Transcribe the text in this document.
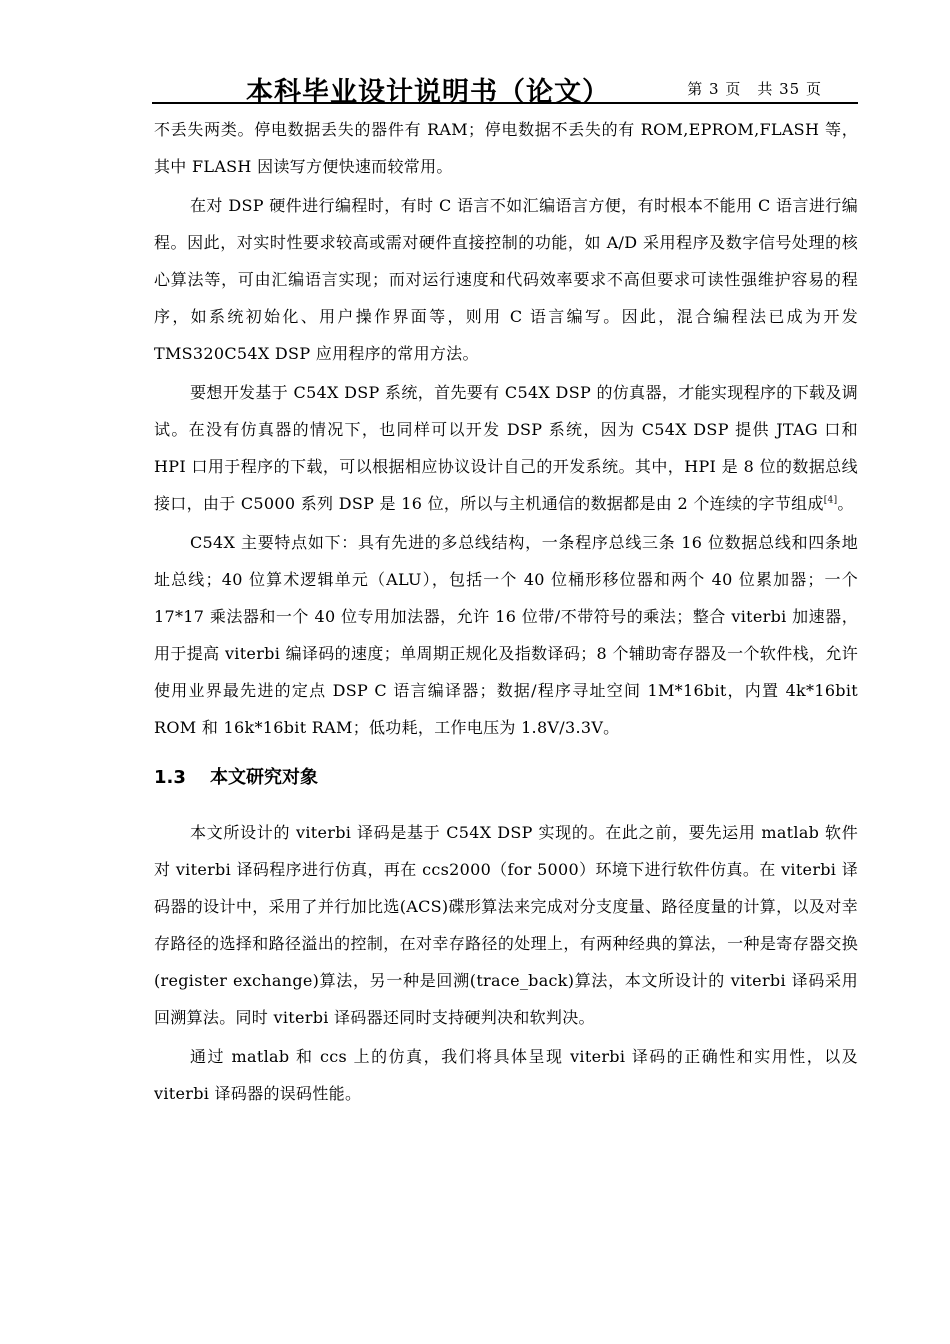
本科毕业设计说明书（论文）	第 3 页　共 35 页

不丢失两类。停电数据丢失的器件有 RAM；停电数据不丢失的有 ROM,EPROM,FLASH 等，其中 FLASH 因读写方便快速而较常用。

在对 DSP 硬件进行编程时，有时 C 语言不如汇编语言方便，有时根本不能用 C 语言进行编程。因此，对实时性要求较高或需对硬件直接控制的功能，如 A/D 采用程序及数字信号处理的核心算法等，可由汇编语言实现；而对运行速度和代码效率要求不高但要求可读性强维护容易的程序，如系统初始化、用户操作界面等，则用 C 语言编写。因此，混合编程法已成为开发 TMS320C54X DSP 应用程序的常用方法。

要想开发基于 C54X DSP 系统，首先要有 C54X DSP 的仿真器，才能实现程序的下载及调试。在没有仿真器的情况下，也同样可以开发 DSP 系统，因为 C54X DSP 提供 JTAG 口和 HPI 口用于程序的下载，可以根据相应协议设计自己的开发系统。其中，HPI 是 8 位的数据总线接口，由于 C5000 系列 DSP 是 16 位，所以与主机通信的数据都是由 2 个连续的字节组成[4]。

C54X 主要特点如下：具有先进的多总线结构，一条程序总线三条 16 位数据总线和四条地址总线；40 位算术逻辑单元（ALU），包括一个 40 位桶形移位器和两个 40 位累加器；一个 17*17 乘法器和一个 40 位专用加法器，允许 16 位带/不带符号的乘法；整合 viterbi 加速器，用于提高 viterbi 编译码的速度；单周期正规化及指数译码；8 个辅助寄存器及一个软件栈，允许使用业界最先进的定点 DSP C 语言编译器；数据/程序寻址空间 1M*16bit，内置 4k*16bit ROM 和 16k*16bit RAM；低功耗，工作电压为 1.8V/3.3V。

1.3 本文研究对象

本文所设计的 viterbi 译码是基于 C54X DSP 实现的。在此之前，要先运用 matlab 软件对 viterbi 译码程序进行仿真，再在 ccs2000（for 5000）环境下进行软件仿真。在 viterbi 译码器的设计中，采用了并行加比选(ACS)碟形算法来完成对分支度量、路径度量的计算，以及对幸存路径的选择和路径溢出的控制，在对幸存路径的处理上，有两种经典的算法，一种是寄存器交换(register exchange)算法，另一种是回溯(trace_back)算法，本文所设计的 viterbi 译码采用回溯算法。同时 viterbi 译码器还同时支持硬判决和软判决。

通过 matlab 和 ccs 上的仿真，我们将具体呈现 viterbi 译码的正确性和实用性，以及 viterbi 译码器的误码性能。
